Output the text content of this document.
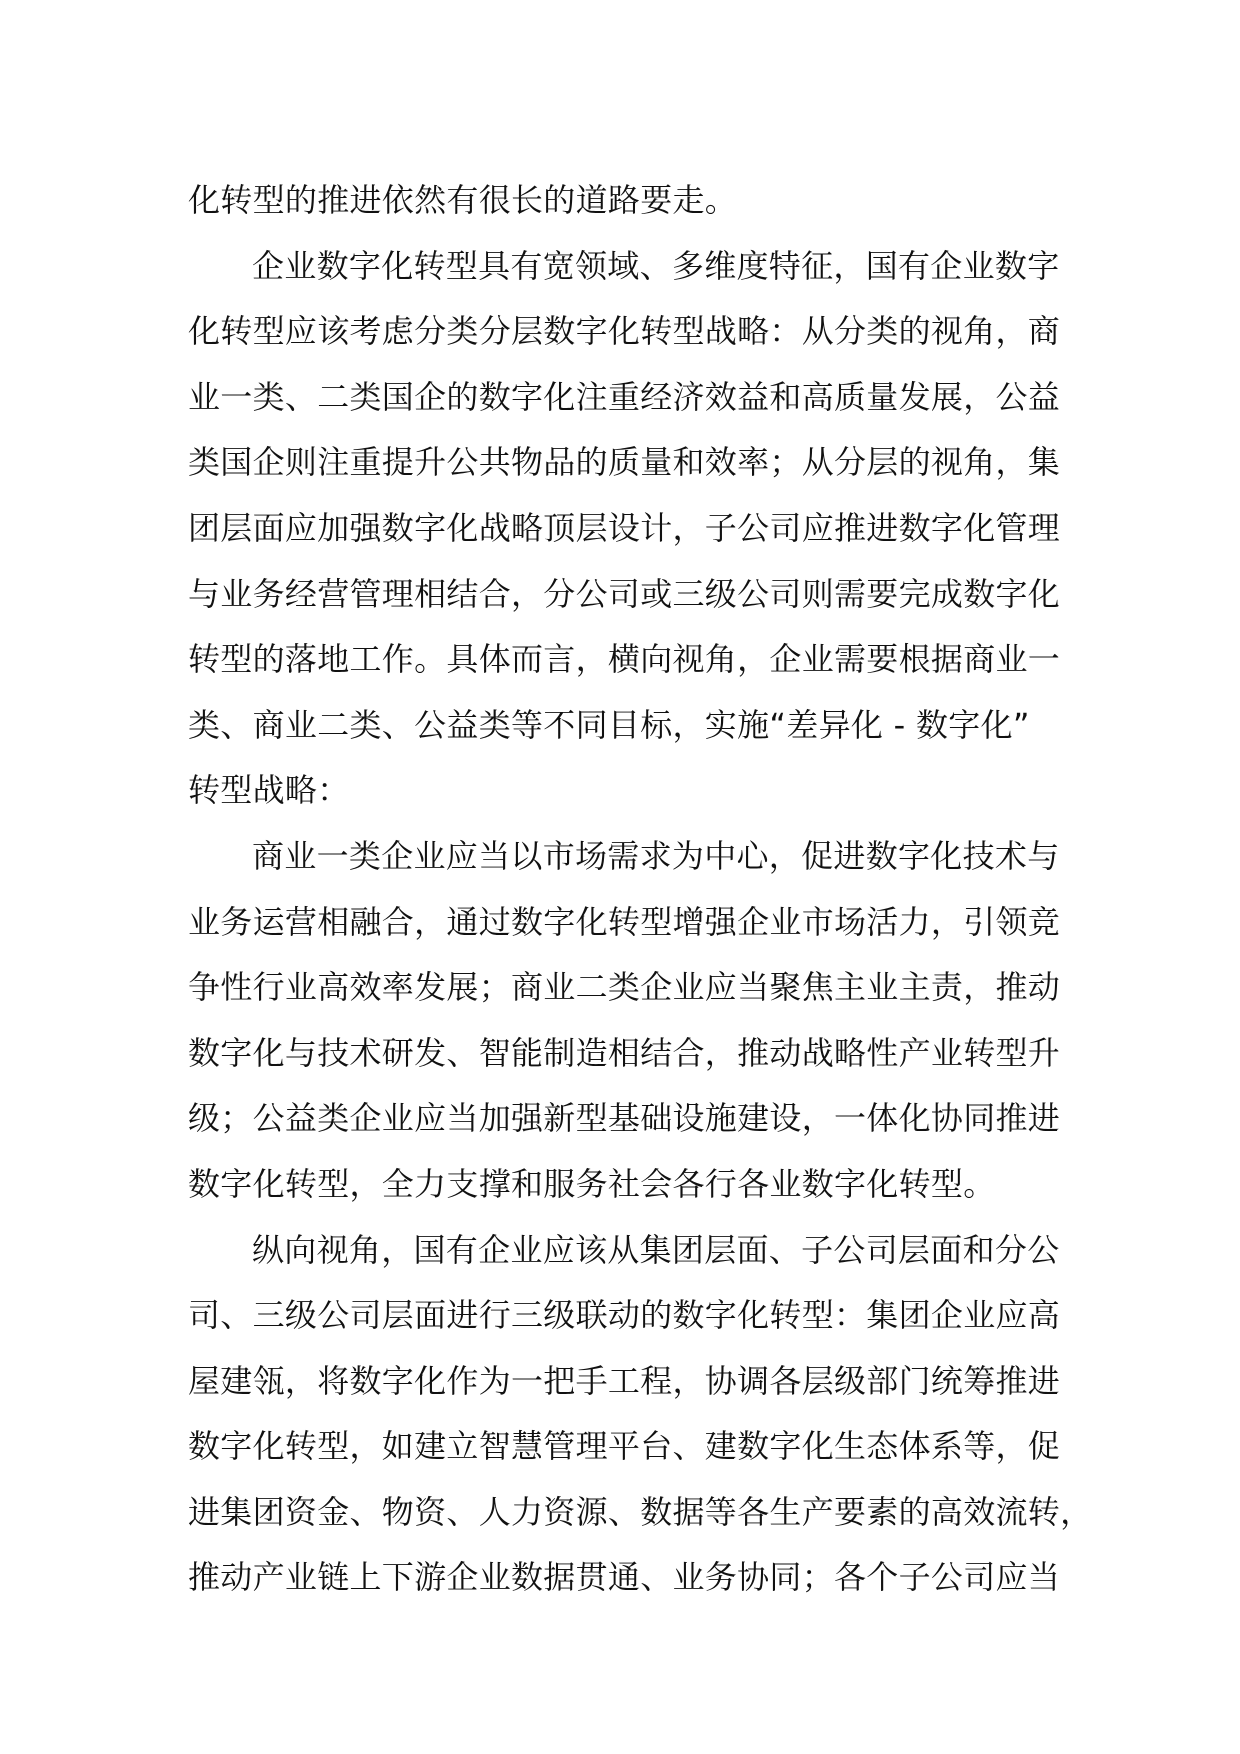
化转型的推进依然有很长的道路要走。
企业数字化转型具有宽领域、多维度特征，国有企业数字
化转型应该考虑分类分层数字化转型战略：从分类的视角，商
业一类、二类国企的数字化注重经济效益和高质量发展，公益
类国企则注重提升公共物品的质量和效率；从分层的视角，集
团层面应加强数字化战略顶层设计，子公司应推进数字化管理
与业务经营管理相结合，分公司或三级公司则需要完成数字化
转型的落地工作。具体而言，横向视角，企业需要根据商业一
类、商业二类、公益类等不同目标，实施“差异化 - 数字化”
转型战略：
商业一类企业应当以市场需求为中心，促进数字化技术与
业务运营相融合，通过数字化转型增强企业市场活力，引领竞
争性行业高效率发展；商业二类企业应当聚焦主业主责，推动
数字化与技术研发、智能制造相结合，推动战略性产业转型升
级；公益类企业应当加强新型基础设施建设，一体化协同推进
数字化转型，全力支撑和服务社会各行各业数字化转型。
纵向视角，国有企业应该从集团层面、子公司层面和分公
司、三级公司层面进行三级联动的数字化转型：集团企业应高
屋建瓴，将数字化作为一把手工程，协调各层级部门统筹推进
数字化转型，如建立智慧管理平台、建数字化生态体系等，促
进集团资金、物资、人力资源、数据等各生产要素的高效流转，
推动产业链上下游企业数据贯通、业务协同；各个子公司应当
